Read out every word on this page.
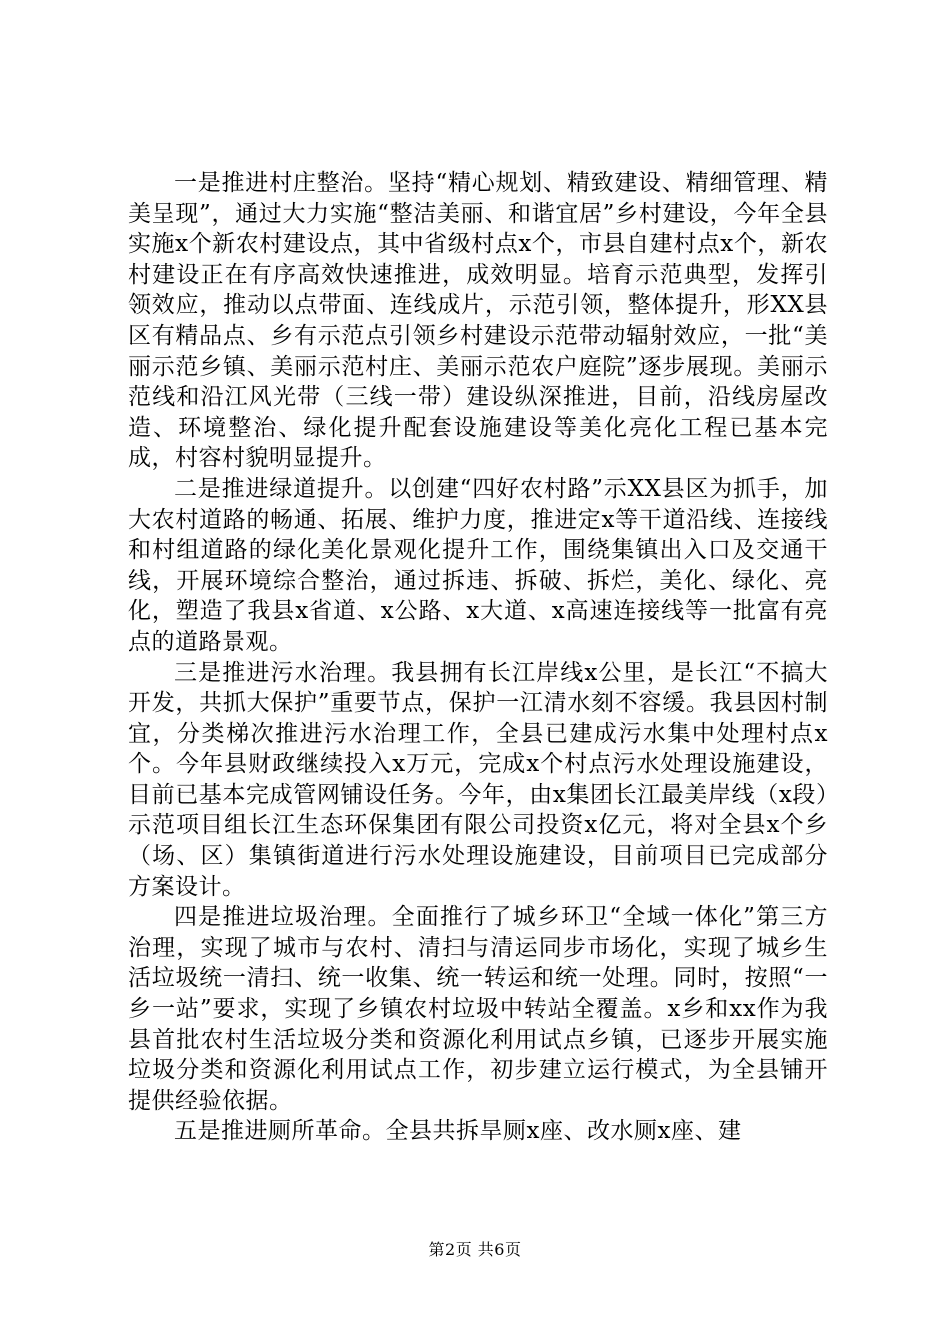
一是推进村庄整治。坚持“精心规划、精致建设、精细管理、精美呈现”，通过大力实施“整洁美丽、和谐宜居”乡村建设，今年全县实施x个新农村建设点，其中省级村点x个，市县自建村点x个，新农村建设正在有序高效快速推进，成效明显。培育示范典型，发挥引领效应，推动以点带面、连线成片，示范引领，整体提升，形XX县区有精品点、乡有示范点引领乡村建设示范带动辐射效应，一批“美丽示范乡镇、美丽示范村庄、美丽示范农户庭院”逐步展现。美丽示范线和沿江风光带（三线一带）建设纵深推进，目前，沿线房屋改造、环境整治、绿化提升配套设施建设等美化亮化工程已基本完成，村容村貌明显提升。

二是推进绿道提升。以创建“四好农村路”示XX县区为抓手，加大农村道路的畅通、拓展、维护力度，推进定x等干道沿线、连接线和村组道路的绿化美化景观化提升工作，围绕集镇出入口及交通干线，开展环境综合整治，通过拆违、拆破、拆烂，美化、绿化、亮化，塑造了我县x省道、x公路、x大道、x高速连接线等一批富有亮点的道路景观。

三是推进污水治理。我县拥有长江岸线x公里，是长江“不搞大开发，共抓大保护”重要节点，保护一江清水刻不容缓。我县因村制宜，分类梯次推进污水治理工作，全县已建成污水集中处理村点x个。今年县财政继续投入x万元，完成x个村点污水处理设施建设，目前已基本完成管网铺设任务。今年，由x集团长江最美岸线（x段）示范项目组长江生态环保集团有限公司投资x亿元，将对全县x个乡（场、区）集镇街道进行污水处理设施建设，目前项目已完成部分方案设计。

四是推进垃圾治理。全面推行了城乡环卫“全域一体化”第三方治理，实现了城市与农村、清扫与清运同步市场化，实现了城乡生活垃圾统一清扫、统一收集、统一转运和统一处理。同时，按照“一乡一站”要求，实现了乡镇农村垃圾中转站全覆盖。x乡和xx作为我县首批农村生活垃圾分类和资源化利用试点乡镇，已逐步开展实施垃圾分类和资源化利用试点工作，初步建立运行模式，为全县铺开提供经验依据。

五是推进厕所革命。全县共拆旱厕x座、改水厕x座、建

第2页 共6页
